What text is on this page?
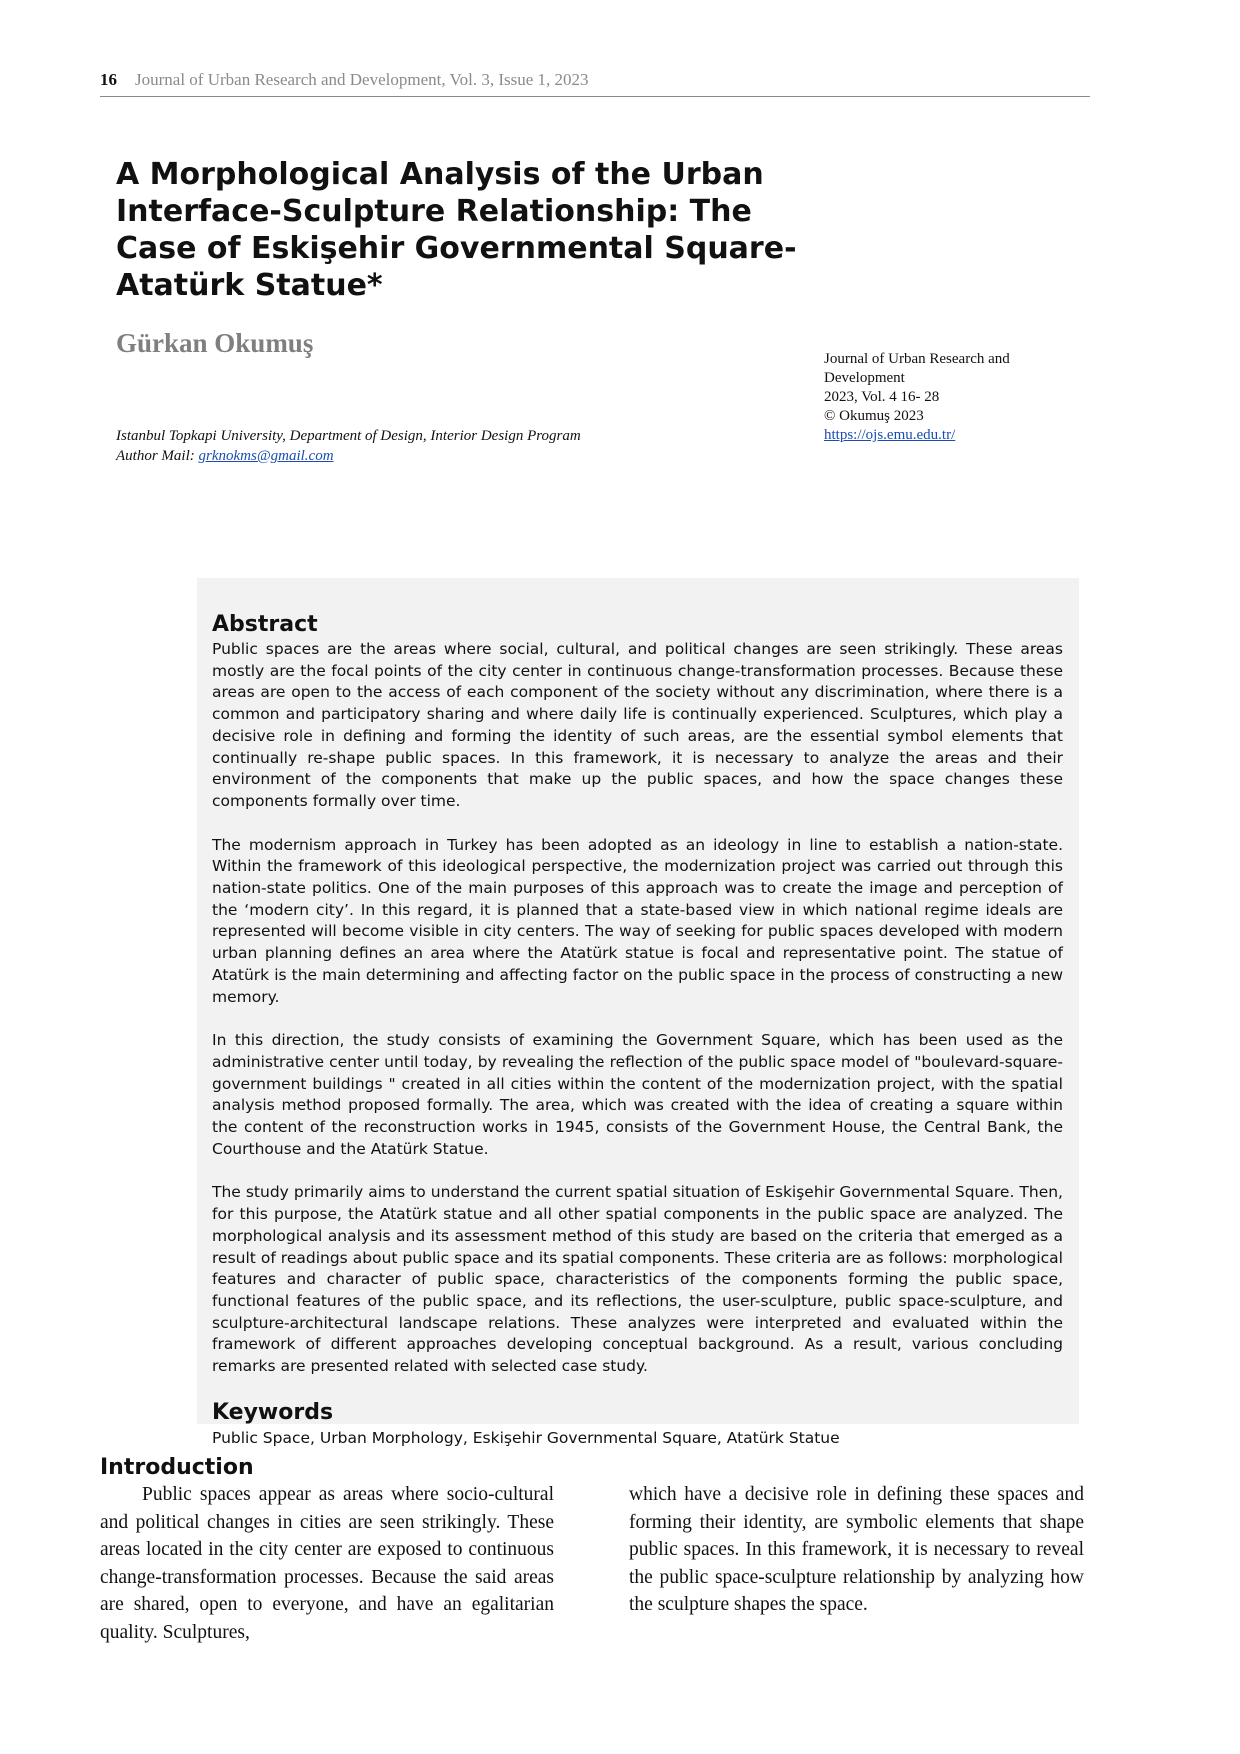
16 Journal of Urban Research and Development, Vol. 3, Issue 1, 2023
A Morphological Analysis of the Urban Interface-Sculpture Relationship: The Case of Eskişehir Governmental Square-Atatürk Statue*
Gürkan Okumuş
Journal of Urban Research and Development
2023, Vol. 4 16- 28
© Okumuş 2023
https://ojs.emu.edu.tr/
Istanbul Topkapi University, Department of Design, Interior Design Program
Author Mail: grknokms@gmail.com
Abstract

Public spaces are the areas where social, cultural, and political changes are seen strikingly. These areas mostly are the focal points of the city center in continuous change-transformation processes. Because these areas are open to the access of each component of the society without any discrimination, where there is a common and participatory sharing and where daily life is continually experienced. Sculptures, which play a decisive role in defining and forming the identity of such areas, are the essential symbol elements that continually re-shape public spaces. In this framework, it is necessary to analyze the areas and their environment of the components that make up the public spaces, and how the space changes these components formally over time.

The modernism approach in Turkey has been adopted as an ideology in line to establish a nation-state. Within the framework of this ideological perspective, the modernization project was carried out through this nation-state politics. One of the main purposes of this approach was to create the image and perception of the ‘modern city’. In this regard, it is planned that a state-based view in which national regime ideals are represented will become visible in city centers. The way of seeking for public spaces developed with modern urban planning defines an area where the Atatürk statue is focal and representative point. The statue of Atatürk is the main determining and affecting factor on the public space in the process of constructing a new memory.

In this direction, the study consists of examining the Government Square, which has been used as the administrative center until today, by revealing the reflection of the public space model of "boulevard-square-government buildings " created in all cities within the content of the modernization project, with the spatial analysis method proposed formally. The area, which was created with the idea of creating a square within the content of the reconstruction works in 1945, consists of the Government House, the Central Bank, the Courthouse and the Atatürk Statue.

The study primarily aims to understand the current spatial situation of Eskişehir Governmental Square. Then, for this purpose, the Atatürk statue and all other spatial components in the public space are analyzed. The morphological analysis and its assessment method of this study are based on the criteria that emerged as a result of readings about public space and its spatial components. These criteria are as follows: morphological features and character of public space, characteristics of the components forming the public space, functional features of the public space, and its reflections, the user-sculpture, public space-sculpture, and sculpture-architectural landscape relations. These analyzes were interpreted and evaluated within the framework of different approaches developing conceptual background. As a result, various concluding remarks are presented related with selected case study.

Keywords

Public Space, Urban Morphology, Eskişehir Governmental Square, Atatürk Statue

Introduction

Public spaces appear as areas where socio-cultural and political changes in cities are seen strikingly. These areas located in the city center are exposed to continuous change-transformation processes. Because the said areas are shared, open to everyone, and have an egalitarian quality. Sculptures,

which have a decisive role in defining these spaces and forming their identity, are symbolic elements that shape public spaces. In this framework, it is necessary to reveal the public space-sculpture relationship by analyzing how the sculpture shapes the space.
